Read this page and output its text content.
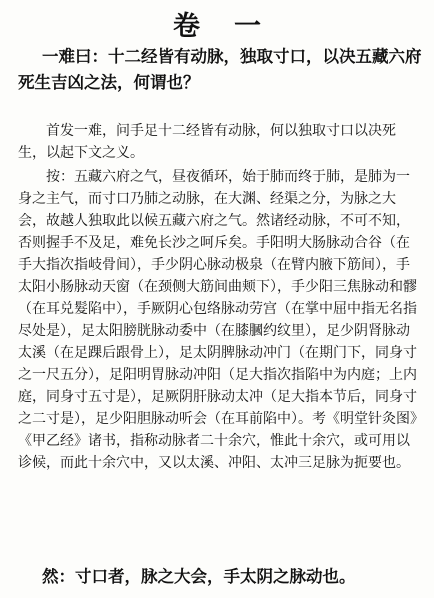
卷一

一难曰：十二经皆有动脉，独取寸口，以决五藏六府死生吉凶之法，何谓也？

首发一难，问手足十二经皆有动脉，何以独取寸口以决死生，以起下文之义。

按：五藏六府之气，昼夜循环，始于肺而终于肺，是肺为一身之主气，而寸口乃肺之动脉，在大渊、经渠之分，为脉之大会，故越人独取此以候五藏六府之气。然诸经动脉，不可不知，否则握手不及足，难免长沙之呵斥矣。手阳明大肠脉动合谷（在手大指次指岐骨间），手少阴心脉动极泉（在臂内腋下筋间），手太阳小肠脉动天窗（在颈侧大筋间曲颊下），手少阳三焦脉动和髎（在耳兑髮陷中），手厥阴心包络脉动劳宫（在掌中屈中指无名指尽处是），足太阳膀胱脉动委中（在膝膕约纹里），足少阴肾脉动太溪（在足踝后跟骨上），足太阴脾脉动冲门（在期门下，同身寸之一尺五分），足阳明胃脉动冲阳（足大指次指陷中为内庭；上内庭，同身寸五寸是），足厥阴肝脉动太冲（足大指本节后，同身寸之二寸是），足少阳胆脉动听会（在耳前陷中）。考《明堂针灸图》《甲乙经》诸书，指称动脉者二十余穴，惟此十余穴，或可用以诊候，而此十余穴中，又以太溪、冲阳、太冲三足脉为扼要也。

然：寸口者，脉之大会，手太阴之脉动也。
